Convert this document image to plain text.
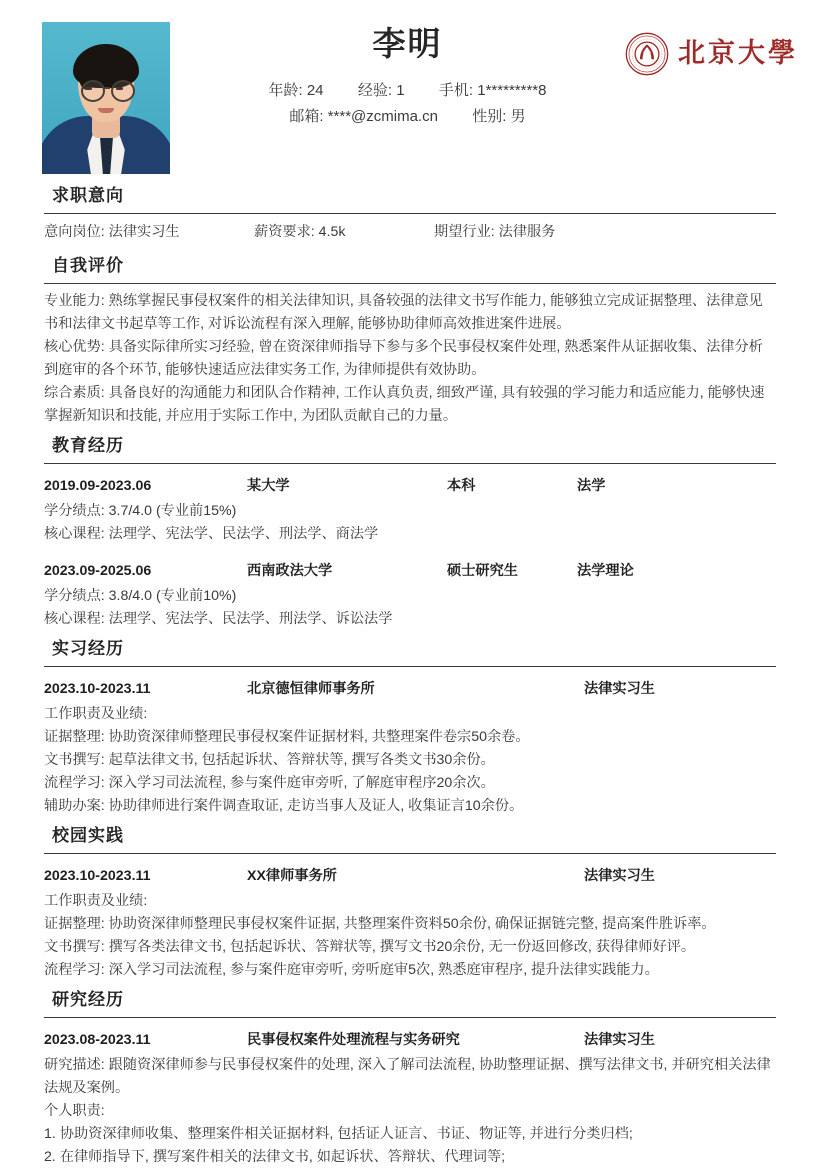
李明
年龄: 24 经验: 1 手机: 1*********8
邮箱: ****@zcmima.cn 性别: 男
北京大學
求职意向
意向岗位: 法律实习生	薪资要求: 4.5k	期望行业: 法律服务
自我评价
专业能力: 熟练掌握民事侵权案件的相关法律知识, 具备较强的法律文书写作能力, 能够独立完成证据整理、法律意见书和法律文书起草等工作, 对诉讼流程有深入理解, 能够协助律师高效推进案件进展。
核心优势: 具备实际律所实习经验, 曾在资深律师指导下参与多个民事侵权案件处理, 熟悉案件从证据收集、法律分析到庭审的各个环节, 能够快速适应法律实务工作, 为律师提供有效协助。
综合素质: 具备良好的沟通能力和团队合作精神, 工作认真负责, 细致严谨, 具有较强的学习能力和适应能力, 能够快速掌握新知识和技能, 并应用于实际工作中, 为团队贡献自己的力量。
教育经历
2019.09-2023.06	某大学	本科	法学
学分绩点: 3.7/4.0 (专业前15%)
核心课程: 法理学、宪法学、民法学、刑法学、商法学
2023.09-2025.06	西南政法大学	硕士研究生	法学理论
学分绩点: 3.8/4.0 (专业前10%)
核心课程: 法理学、宪法学、民法学、刑法学、诉讼法学
实习经历
2023.10-2023.11	北京德恒律师事务所	法律实习生
工作职责及业绩:
证据整理: 协助资深律师整理民事侵权案件证据材料, 共整理案件卷宗50余卷。
文书撰写: 起草法律文书, 包括起诉状、答辩状等, 撰写各类文书30余份。
流程学习: 深入学习司法流程, 参与案件庭审旁听, 了解庭审程序20余次。
辅助办案: 协助律师进行案件调查取证, 走访当事人及证人, 收集证言10余份。
校园实践
2023.10-2023.11	XX律师事务所	法律实习生
工作职责及业绩:
证据整理: 协助资深律师整理民事侵权案件证据, 共整理案件资料50余份, 确保证据链完整, 提高案件胜诉率。
文书撰写: 撰写各类法律文书, 包括起诉状、答辩状等, 撰写文书20余份, 无一份返回修改, 获得律师好评。
流程学习: 深入学习司法流程, 参与案件庭审旁听, 旁听庭审5次, 熟悉庭审程序, 提升法律实践能力。
研究经历
2023.08-2023.11	民事侵权案件处理流程与实务研究	法律实习生
研究描述: 跟随资深律师参与民事侵权案件的处理, 深入了解司法流程, 协助整理证据、撰写法律文书, 并研究相关法律法规及案例。
个人职责:
1. 协助资深律师收集、整理案件相关证据材料, 包括证人证言、书证、物证等, 并进行分类归档;
2. 在律师指导下, 撰写案件相关的法律文书, 如起诉状、答辩状、代理词等;
